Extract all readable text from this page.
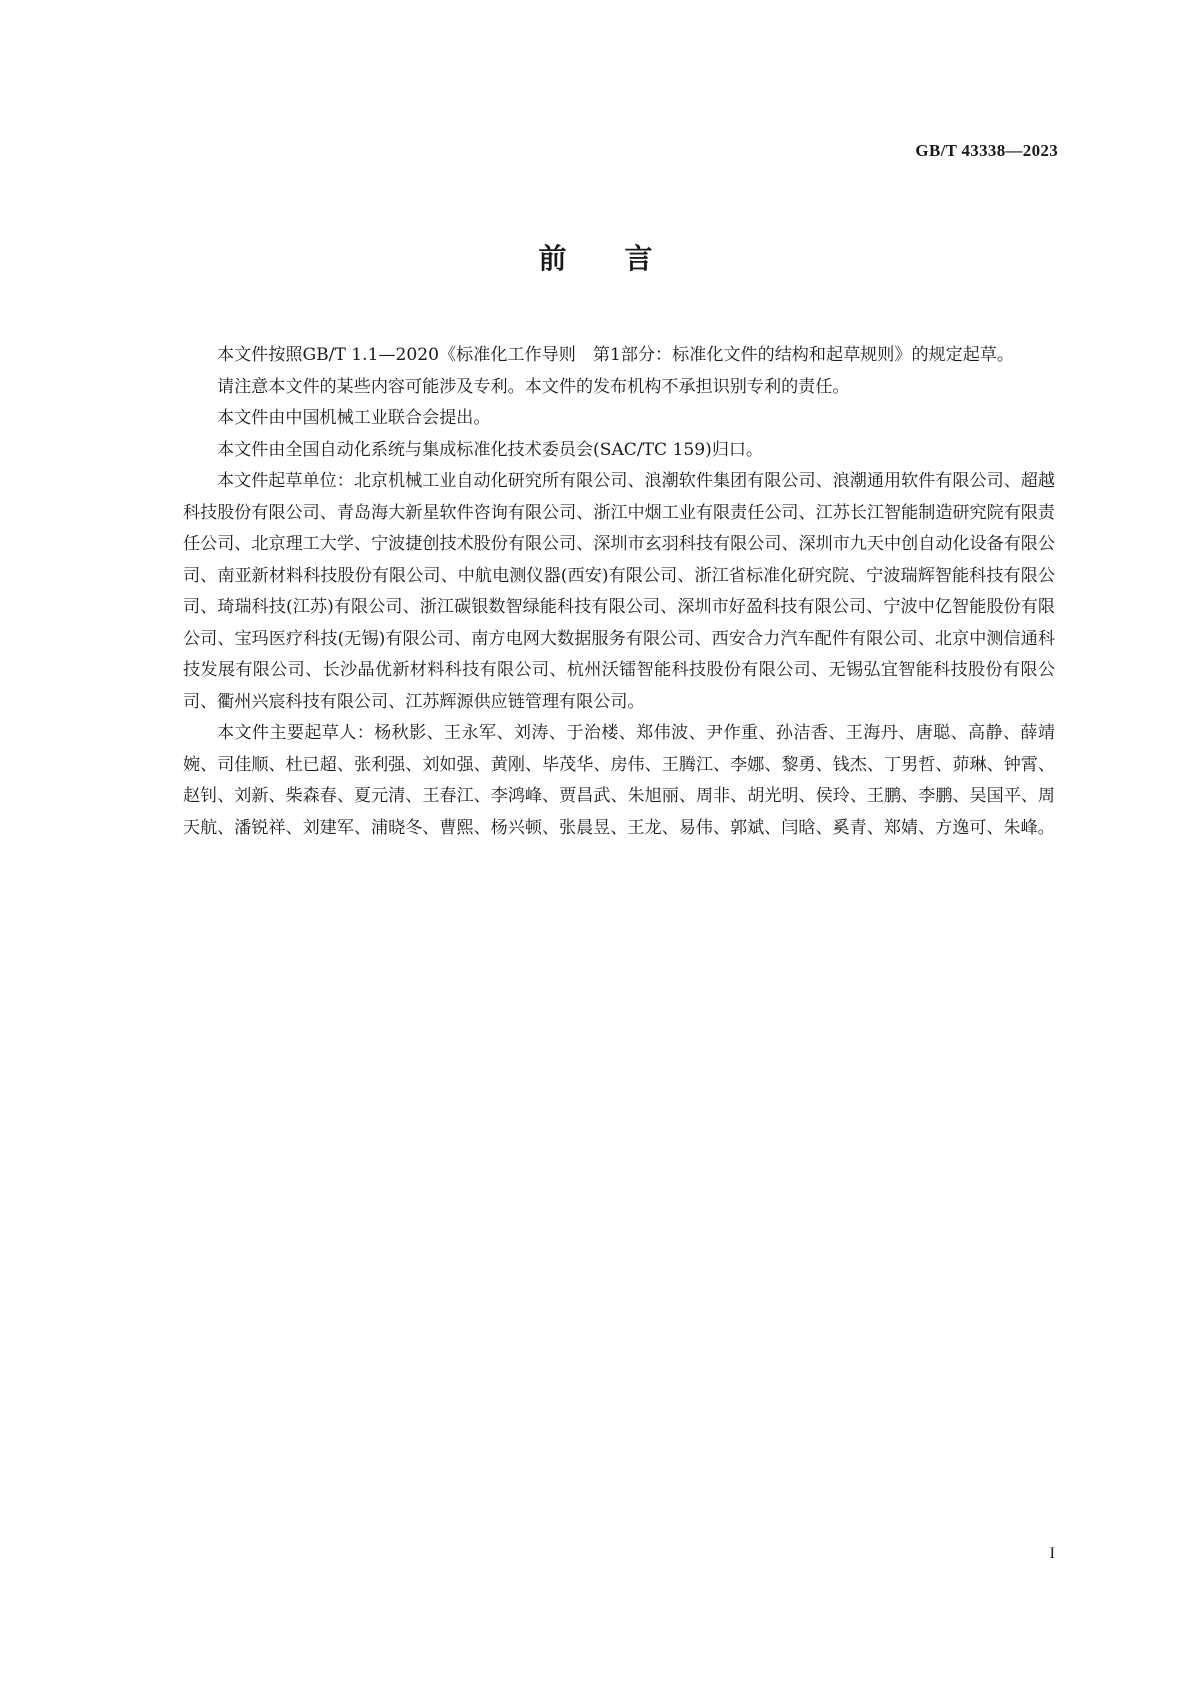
GB/T 43338—2023
前言

本文件按照GB/T 1.1—2020《标准化工作导则　第1部分：标准化文件的结构和起草规则》的规定起草。

请注意本文件的某些内容可能涉及专利。本文件的发布机构不承担识别专利的责任。

本文件由中国机械工业联合会提出。

本文件由全国自动化系统与集成标准化技术委员会(SAC/TC 159)归口。

本文件起草单位：北京机械工业自动化研究所有限公司、浪潮软件集团有限公司、浪潮通用软件有限公司、超越科技股份有限公司、青岛海大新星软件咨询有限公司、浙江中烟工业有限责任公司、江苏长江智能制造研究院有限责任公司、北京理工大学、宁波捷创技术股份有限公司、深圳市玄羽科技有限公司、深圳市九天中创自动化设备有限公司、南亚新材料科技股份有限公司、中航电测仪器(西安)有限公司、浙江省标准化研究院、宁波瑞辉智能科技有限公司、琦瑞科技(江苏)有限公司、浙江碳银数智绿能科技有限公司、深圳市好盈科技有限公司、宁波中亿智能股份有限公司、宝玛医疗科技(无锡)有限公司、南方电网大数据服务有限公司、西安合力汽车配件有限公司、北京中测信通科技发展有限公司、长沙晶优新材料科技有限公司、杭州沃镭智能科技股份有限公司、无锡弘宜智能科技股份有限公司、衢州兴宸科技有限公司、江苏辉源供应链管理有限公司。

本文件主要起草人：杨秋影、王永军、刘涛、于治楼、郑伟波、尹作重、孙洁香、王海丹、唐聪、高静、薛靖婉、司佳顺、杜已超、张利强、刘如强、黄刚、毕茂华、房伟、王腾江、李娜、黎勇、钱杰、丁男哲、茆琳、钟霄、赵钊、刘新、柴森春、夏元清、王春江、李鸿峰、贾昌武、朱旭丽、周非、胡光明、侯玲、王鹏、李鹏、吴国平、周天航、潘锐祥、刘建军、浦晓冬、曹熙、杨兴顿、张晨昱、王龙、易伟、郭斌、闫晗、奚青、郑婧、方逸可、朱峰。

I
